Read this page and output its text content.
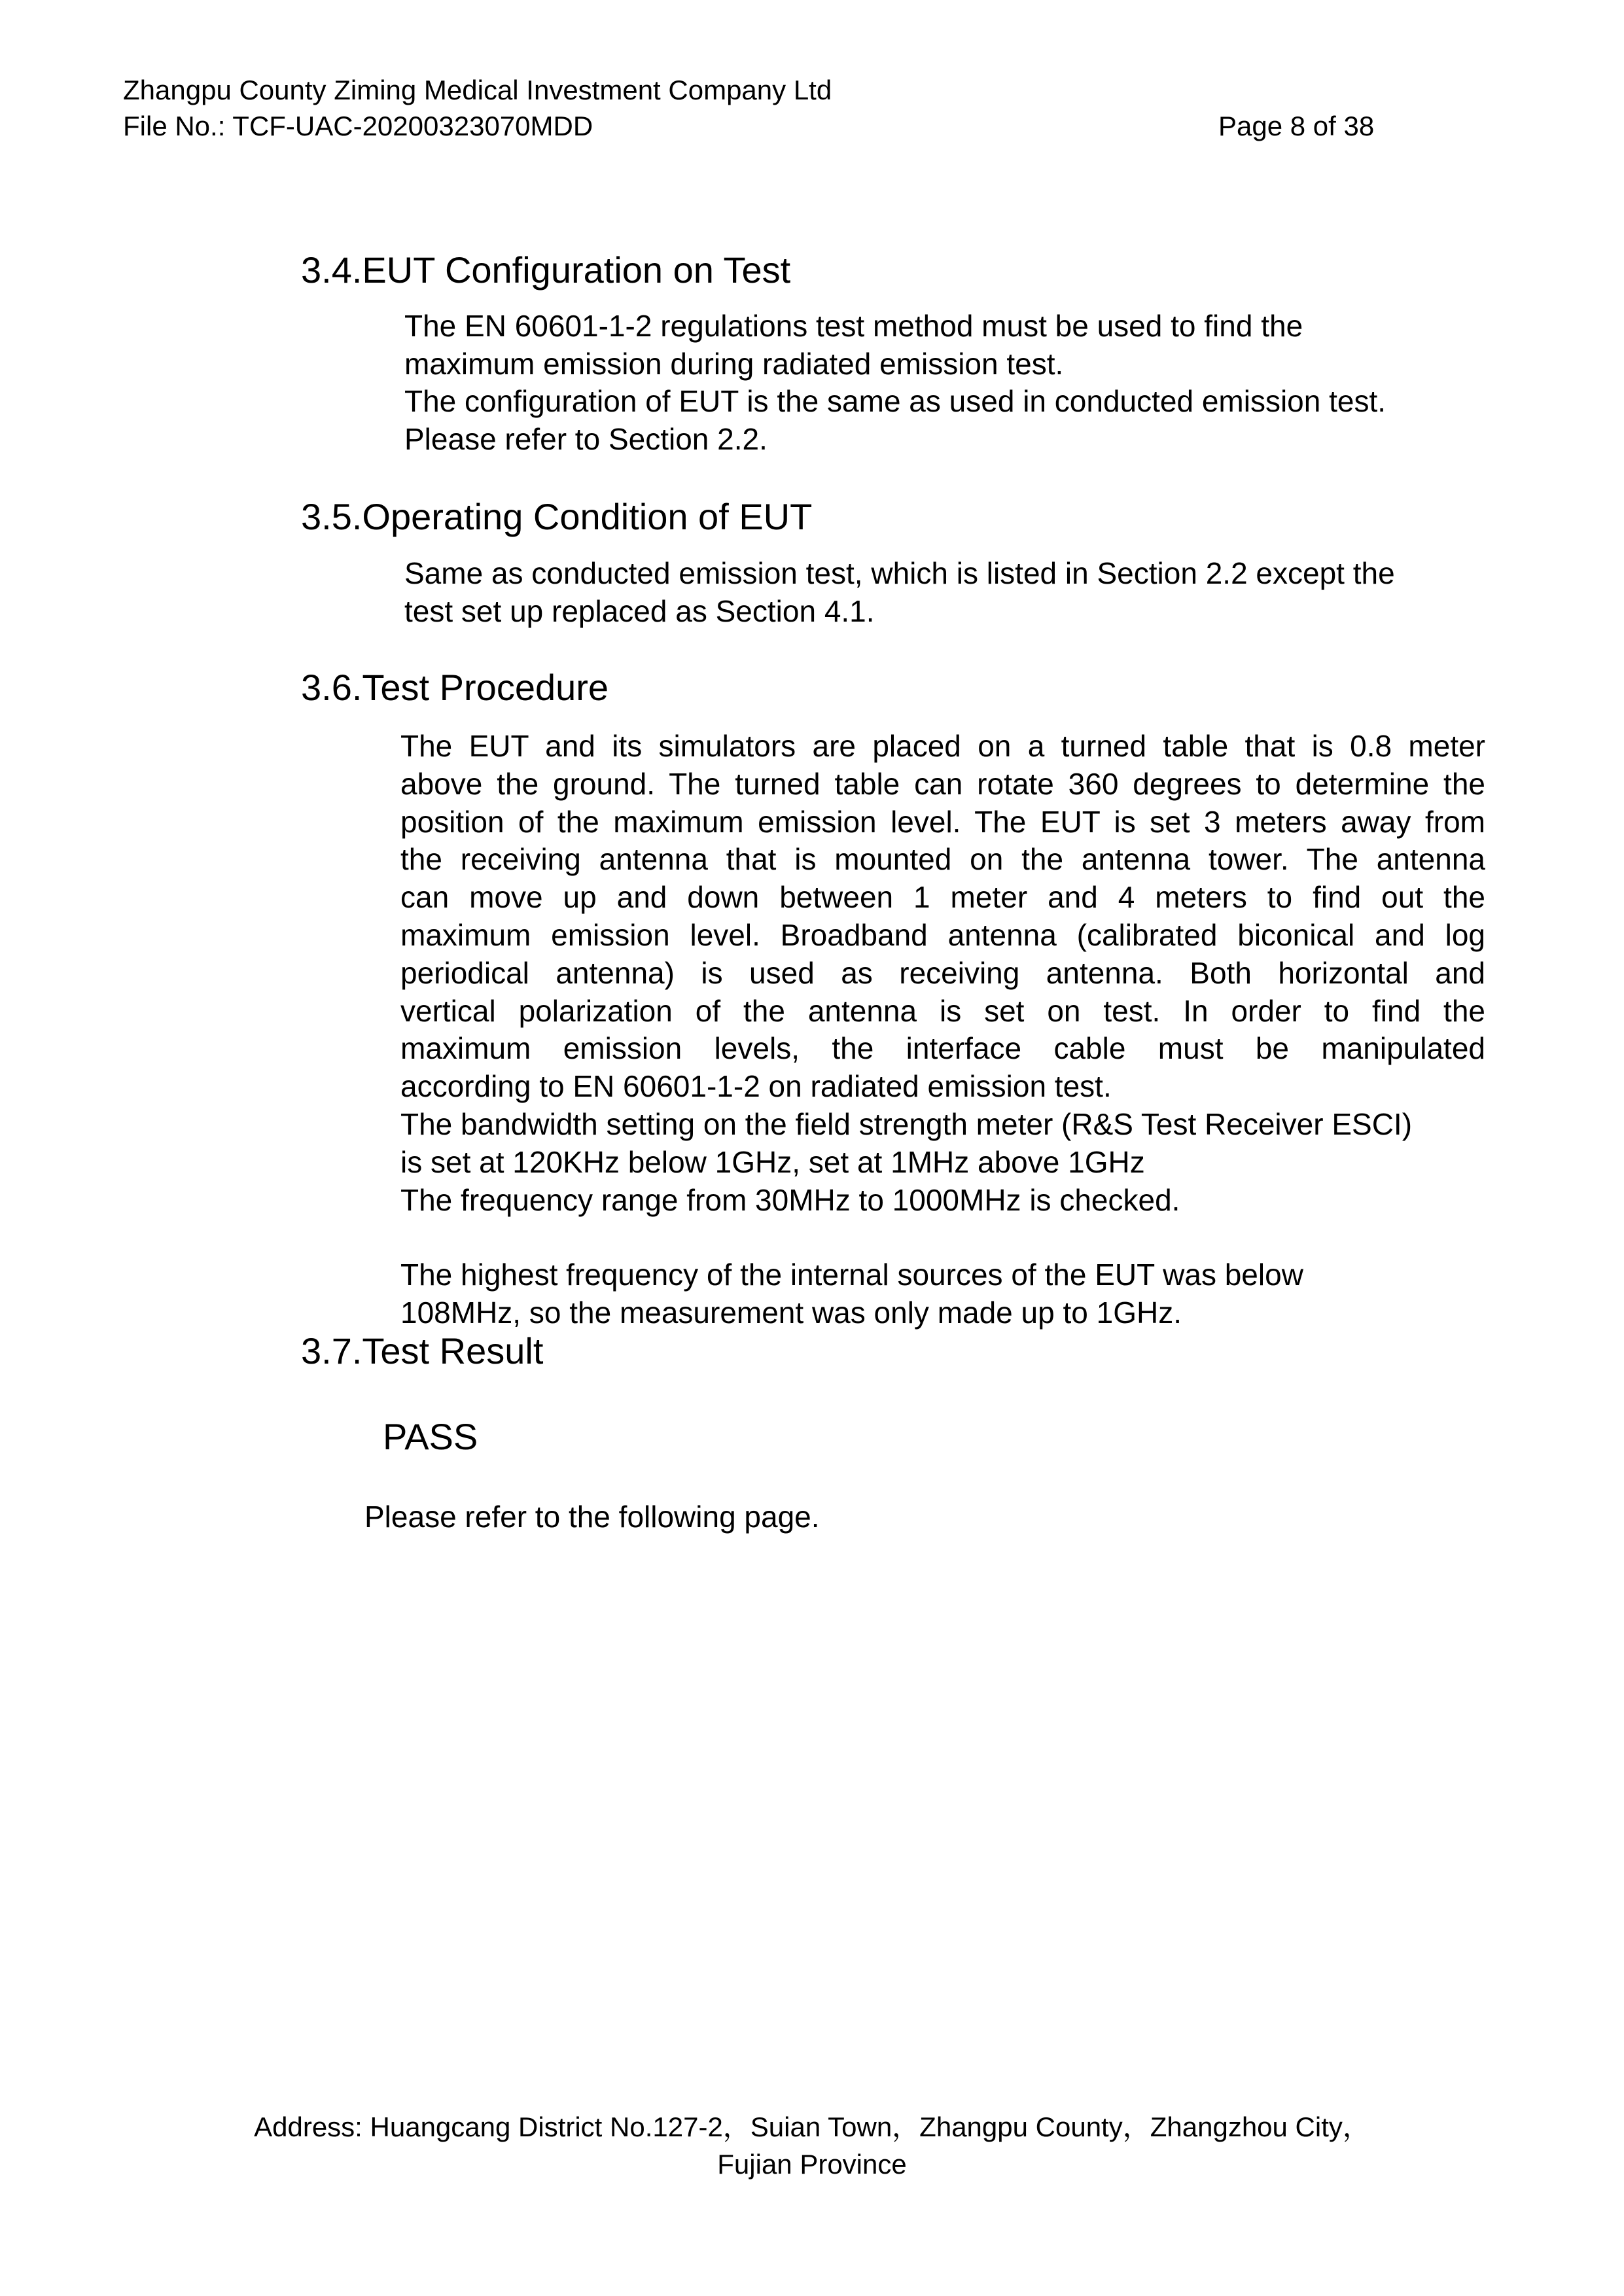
Zhangpu County Ziming Medical Investment Company Ltd
File No.: TCF-UAC-20200323070MDD	Page 8 of 38
3.4.EUT Configuration on Test
The EN 60601-1-2 regulations test method must be used to find the
maximum emission during radiated emission test.
The configuration of EUT is the same as used in conducted emission test.
Please refer to Section 2.2.
3.5.Operating Condition of EUT
Same as conducted emission test, which is listed in Section 2.2 except the
test set up replaced as Section 4.1.
3.6.Test Procedure
The EUT and its simulators are placed on a turned table that is 0.8 meter
above the ground. The turned table can rotate 360 degrees to determine the
position of the maximum emission level. The EUT is set 3 meters away from
the receiving antenna that is mounted on the antenna tower. The antenna
can move up and down between 1 meter and 4 meters to find out the
maximum emission level. Broadband antenna (calibrated biconical and log
periodical antenna) is used as receiving antenna. Both horizontal and
vertical polarization of the antenna is set on test. In order to find the
maximum emission levels, the interface cable must be manipulated
according to EN 60601-1-2 on radiated emission test.
The bandwidth setting on the field strength meter (R&S Test Receiver ESCI)
is set at 120KHz below 1GHz, set at 1MHz above 1GHz
The frequency range from 30MHz to 1000MHz is checked.
The highest frequency of the internal sources of the EUT was below
108MHz, so the measurement was only made up to 1GHz.
3.7.Test Result
PASS
Please refer to the following page.
Address: Huangcang District No.127-2，Suian Town，Zhangpu County，Zhangzhou City，
Fujian Province
